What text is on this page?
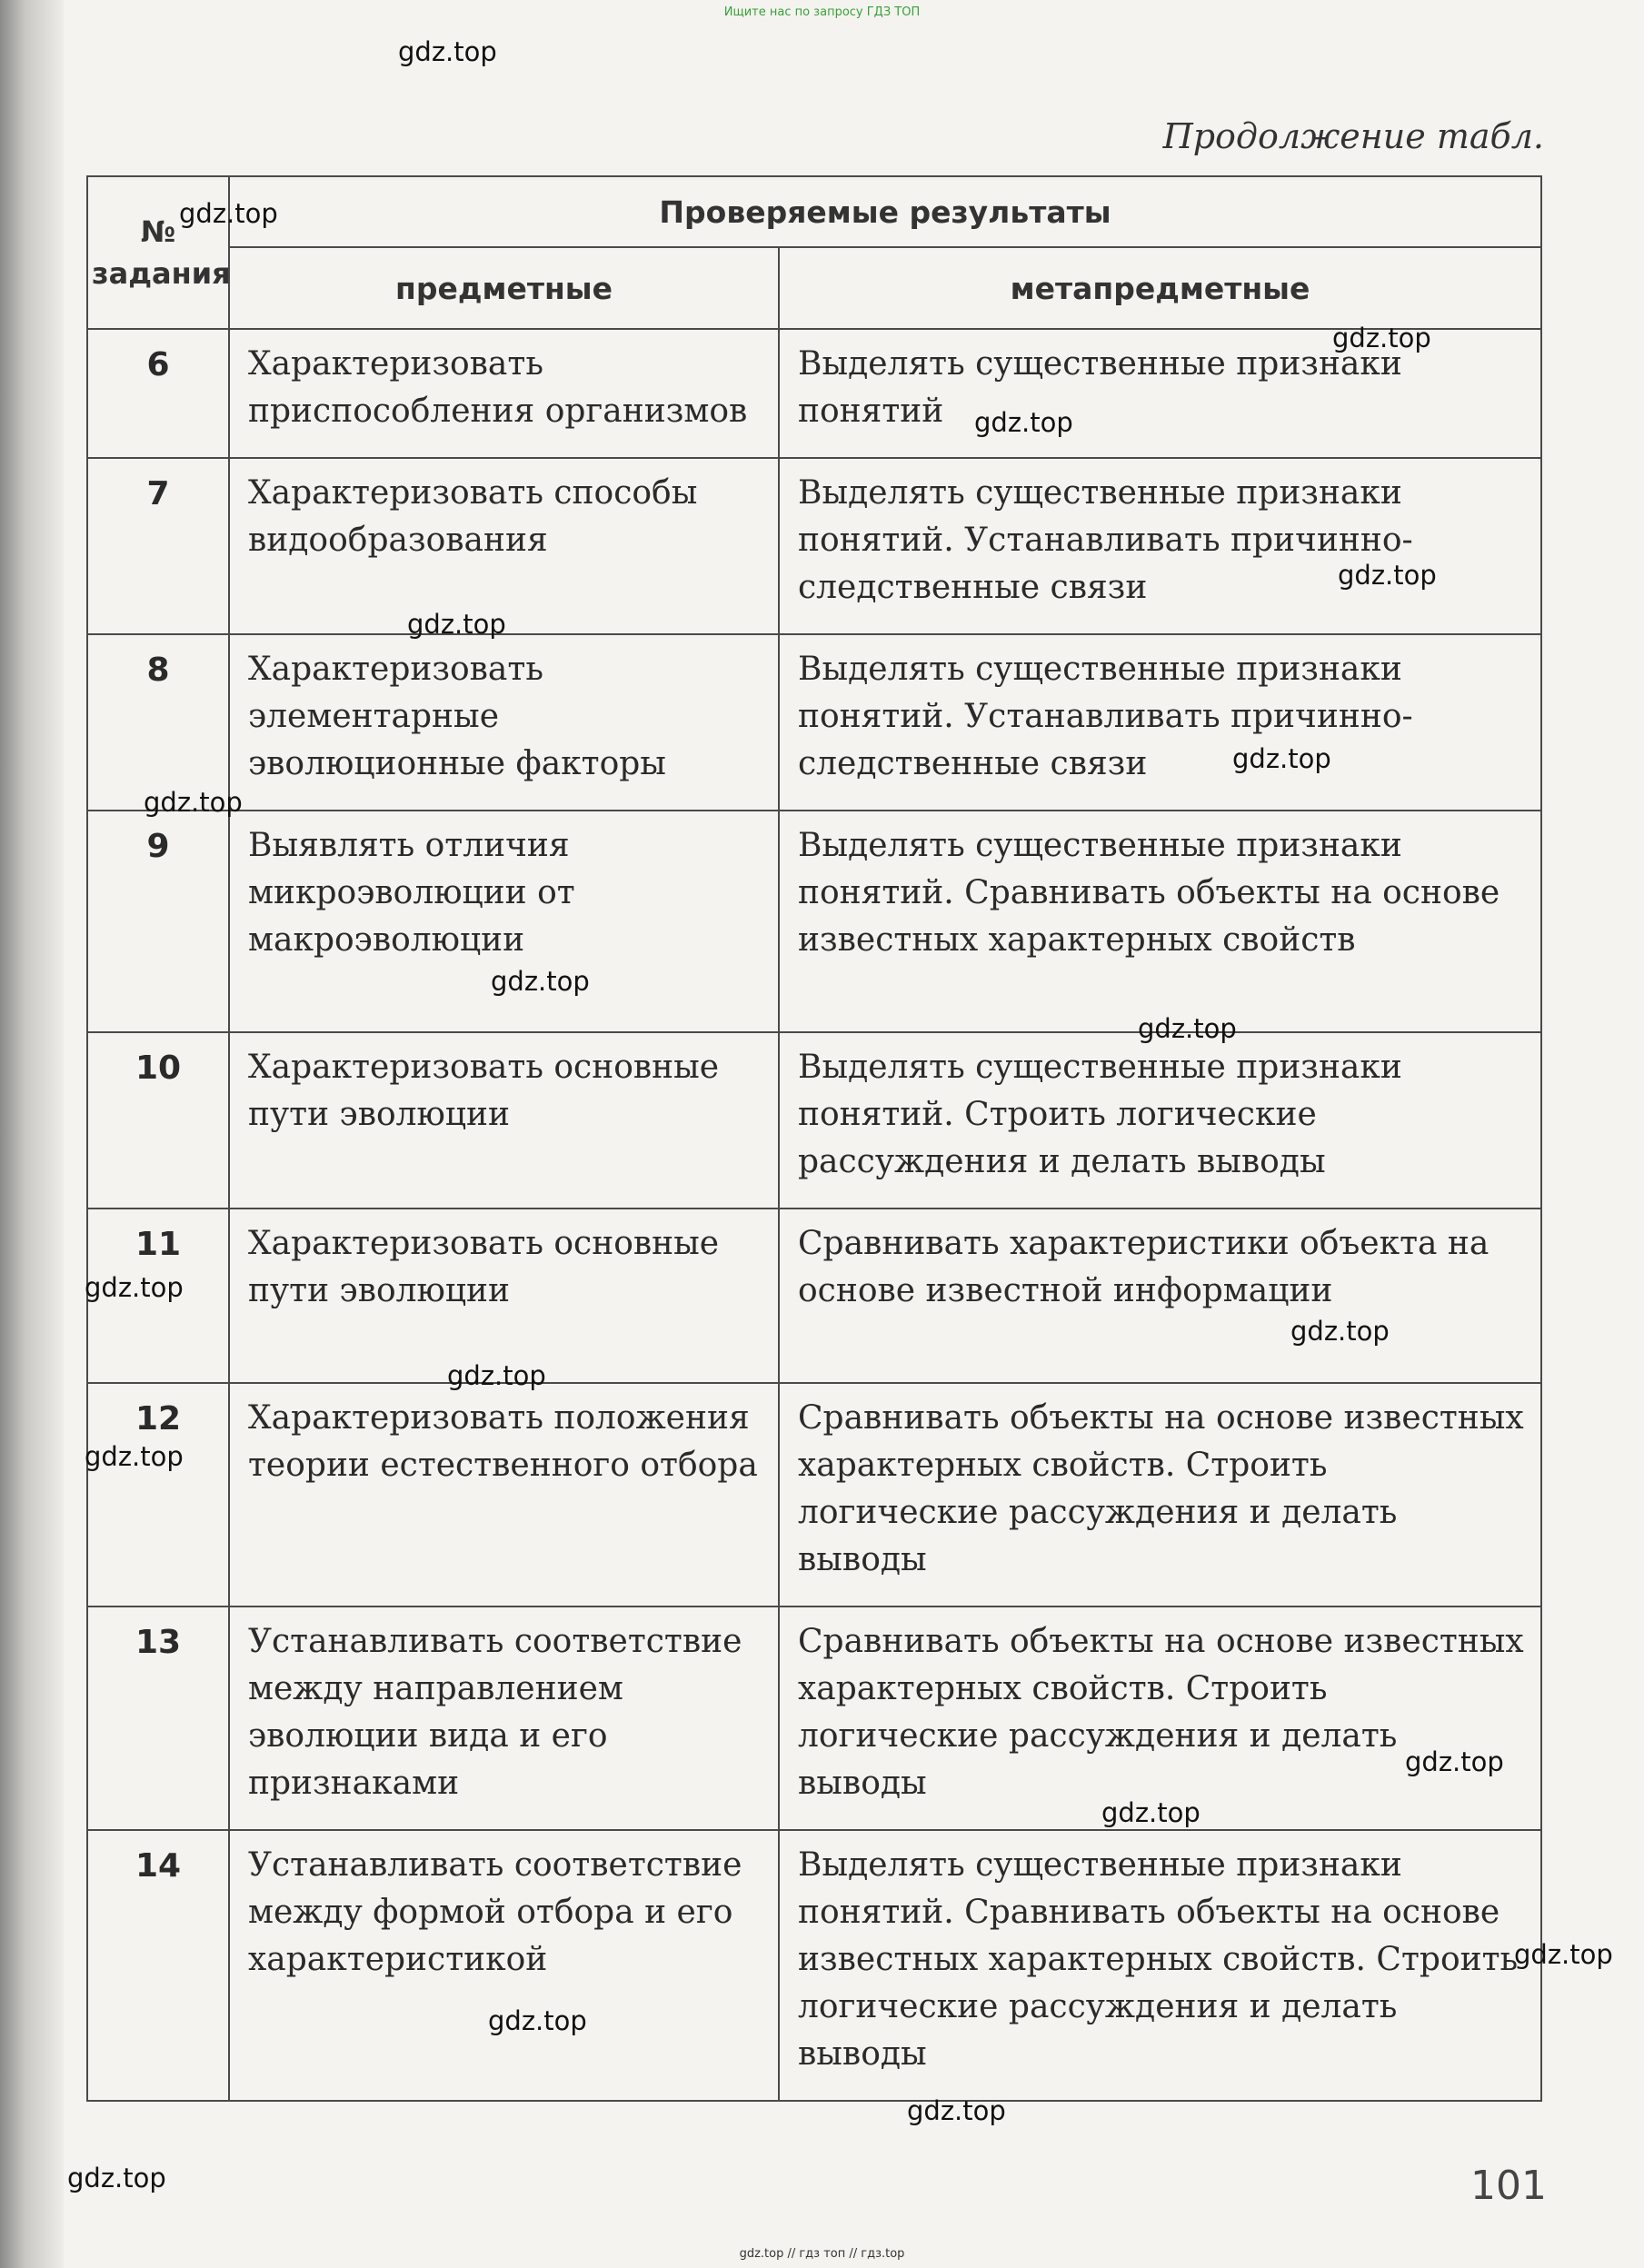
Ищите нас по запросу ГДЗ ТОП
Продолжение табл.
№ задания	Проверяемые результаты	
	предметные	метапредметные
6	Характеризовать приспособления организмов	Выделять существенные признаки понятий
7	Характеризовать способы видообразования	Выделять существенные признаки понятий. Устанавливать причинно-следственные связи
8	Характеризовать элементарные эволюционные факторы	Выделять существенные признаки понятий. Устанавливать причинно-следственные связи
9	Выявлять отличия микроэволюции от макроэволюции	Выделять существенные признаки понятий. Сравнивать объекты на основе известных характерных свойств
10	Характеризовать основные пути эволюции	Выделять существенные признаки понятий. Строить логические рассуждения и делать выводы
11	Характеризовать основные пути эволюции	Сравнивать характеристики объекта на основе известной информации
12	Характеризовать положения теории естественного отбора	Сравнивать объекты на основе известных характерных свойств. Строить логические рассуждения и делать выводы
13	Устанавливать соответствие между направлением эволюции вида и его признаками	Сравнивать объекты на основе известных характерных свойств. Строить логические рассуждения и делать выводы
14	Устанавливать соответствие между формой отбора и его характеристикой	Выделять существенные признаки понятий. Сравнивать объекты на основе известных характерных свойств. Строить логические рассуждения и делать выводы
101
gdz.top
gdz.top
gdz.top
gdz.top
gdz.top
gdz.top
gdz.top
gdz.top
gdz.top
gdz.top
gdz.top
gdz.top
gdz.top
gdz.top
gdz.top
gdz.top
gdz.top
gdz.top
gdz.top
gdz.top
gdz.top // гдз топ // гдз.top
